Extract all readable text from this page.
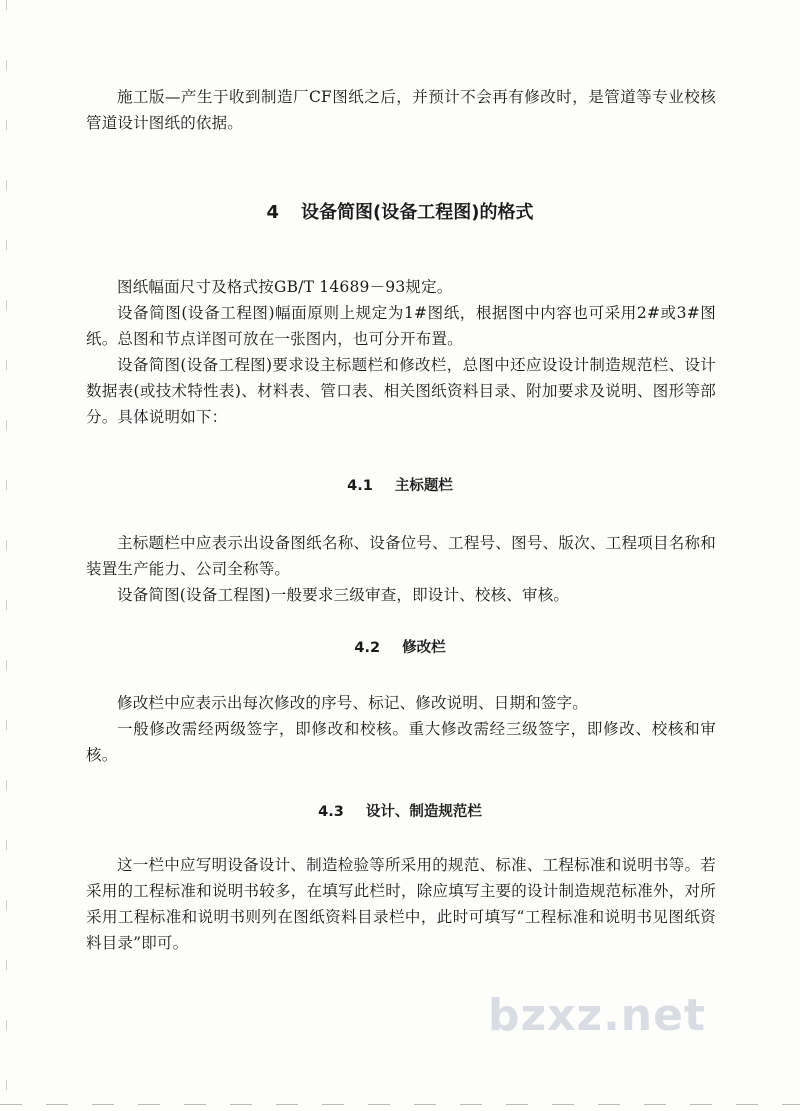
施工版—产生于收到制造厂CF图纸之后，并预计不会再有修改时，是管道等专业校核管道设计图纸的依据。

4 设备简图(设备工程图)的格式

图纸幅面尺寸及格式按GB/T 14689－93规定。

设备简图(设备工程图)幅面原则上规定为1#图纸，根据图中内容也可采用2#或3#图纸。总图和节点详图可放在一张图内，也可分开布置。

设备简图(设备工程图)要求设主标题栏和修改栏，总图中还应设设计制造规范栏、设计数据表(或技术特性表)、材料表、管口表、相关图纸资料目录、附加要求及说明、图形等部分。具体说明如下：

4.1 主标题栏

主标题栏中应表示出设备图纸名称、设备位号、工程号、图号、版次、工程项目名称和装置生产能力、公司全称等。

设备简图(设备工程图)一般要求三级审查，即设计、校核、审核。

4.2 修改栏

修改栏中应表示出每次修改的序号、标记、修改说明、日期和签字。

一般修改需经两级签字，即修改和校核。重大修改需经三级签字，即修改、校核和审核。

4.3 设计、制造规范栏

这一栏中应写明设备设计、制造检验等所采用的规范、标准、工程标准和说明书等。若采用的工程标准和说明书较多，在填写此栏时，除应填写主要的设计制造规范标准外，对所采用工程标准和说明书则列在图纸资料目录栏中，此时可填写“工程标准和说明书见图纸资料目录”即可。

bzxz.net
